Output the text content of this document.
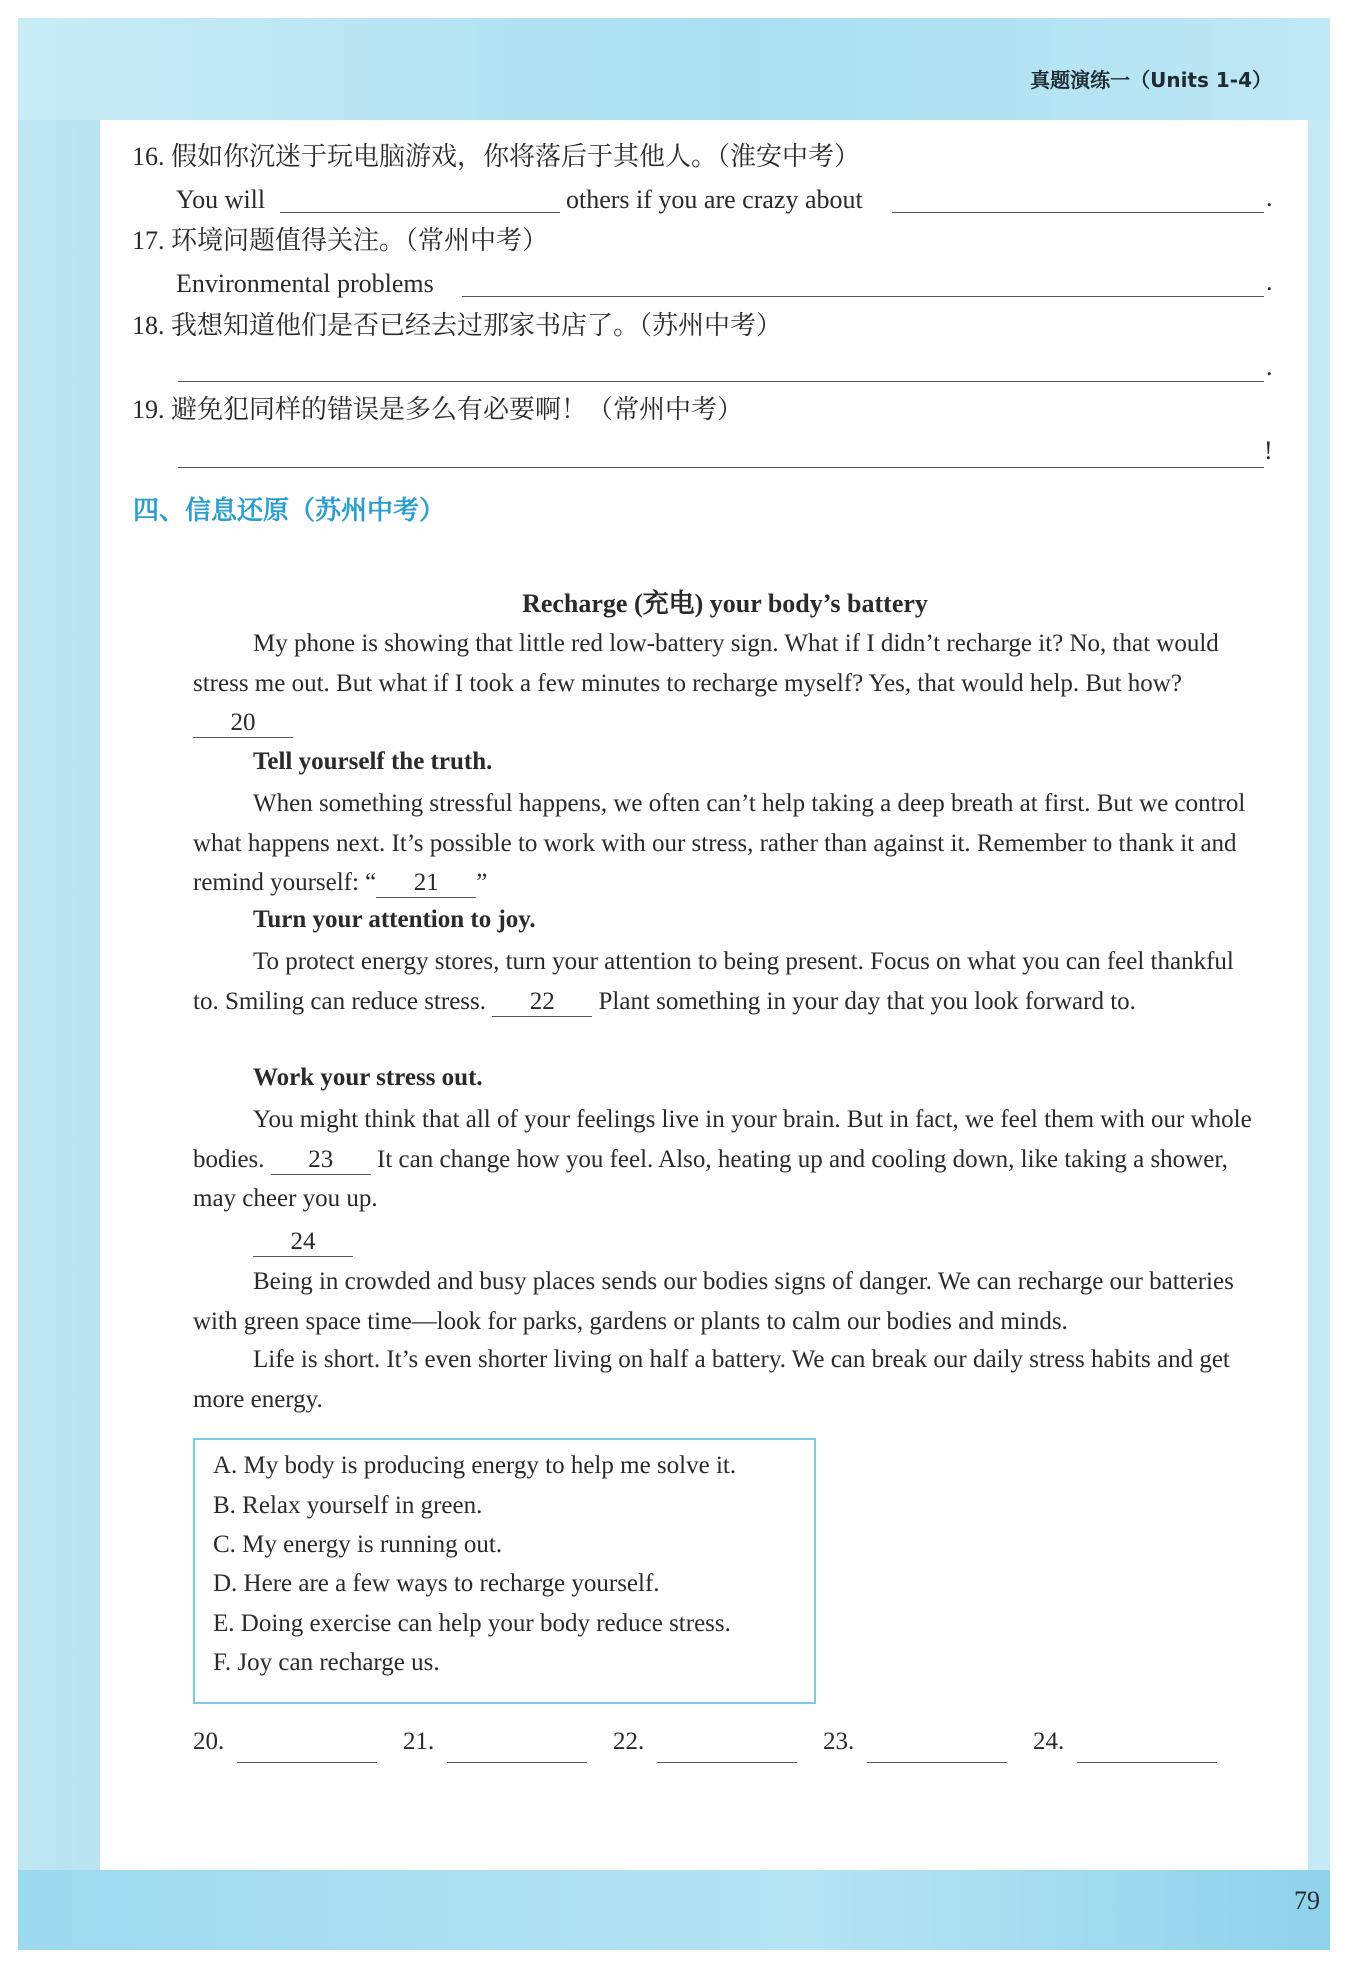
真题演练一（Units 1-4）
16. 假如你沉迷于玩电脑游戏，你将落后于其他人。（淮安中考）
You will	others if you are crazy about	.
17. 环境问题值得关注。（常州中考）
Environmental problems	.
18. 我想知道他们是否已经去过那家书店了。（苏州中考）
.
19. 避免犯同样的错误是多么有必要啊！（常州中考）
!
四、信息还原（苏州中考）
Recharge (充电) your body’s battery

My phone is showing that little red low-battery sign. What if I didn’t recharge it? No, that would stress me out. But what if I took a few minutes to recharge myself? Yes, that would help. But how? 20

Tell yourself the truth.

When something stressful happens, we often can’t help taking a deep breath at first. But we control what happens next. It’s possible to work with our stress, rather than against it. Remember to thank it and remind yourself: “ 21 ”

Turn your attention to joy.

To protect energy stores, turn your attention to being present. Focus on what you can feel thankful to. Smiling can reduce stress. 22 Plant something in your day that you look forward to.

Work your stress out.

You might think that all of your feelings live in your brain. But in fact, we feel them with our whole bodies. 23 It can change how you feel. Also, heating up and cooling down, like taking a shower, may cheer you up.

24

Being in crowded and busy places sends our bodies signs of danger. We can recharge our batteries with green space time—look for parks, gardens or plants to calm our bodies and minds.

Life is short. It’s even shorter living on half a battery. We can break our daily stress habits and get more energy.

A. My body is producing energy to help me solve it.
B. Relax yourself in green.
C. My energy is running out.
D. Here are a few ways to recharge yourself.
E. Doing exercise can help your body reduce stress.
F. Joy can recharge us.
20.	21.	22.	23.	24.
79
